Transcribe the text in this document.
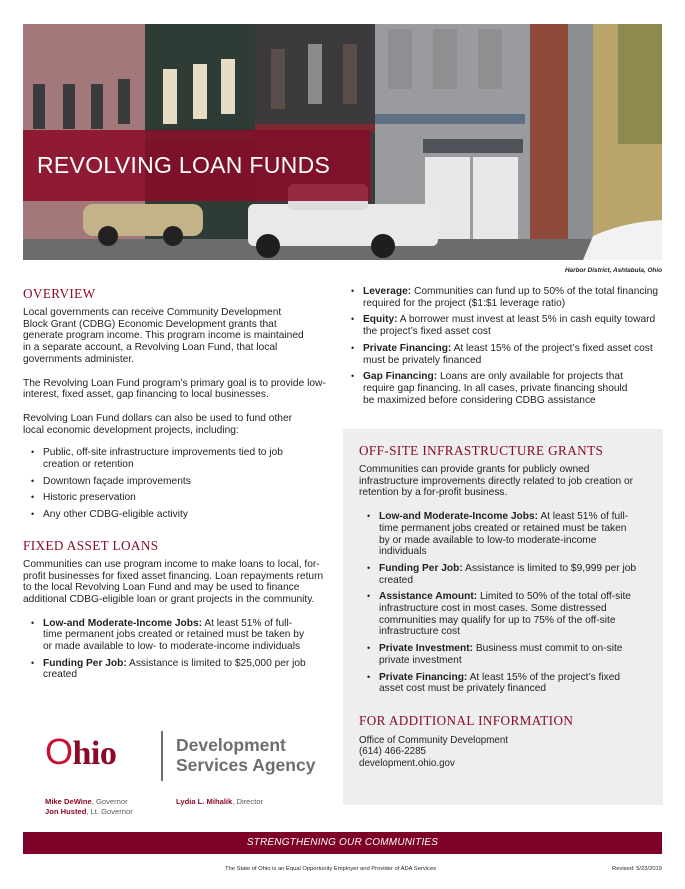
REVOLVING LOAN FUNDS
Harbor District, Ashtabula, Ohio
OVERVIEW

Local governments can receive Community Development Block Grant (CDBG) Economic Development grants that generate program income. This program income is maintained in a separate account, a Revolving Loan Fund, that local governments administer.

The Revolving Loan Fund program’s primary goal is to provide low-interest, fixed asset, gap financing to local businesses.

Revolving Loan Fund dollars can also be used to fund other local economic development projects, including:

• Public, off-site infrastructure improvements tied to job creation or retention
• Downtown façade improvements
• Historic preservation
• Any other CDBG-eligible activity
FIXED ASSET LOANS

Communities can use program income to make loans to local, for-profit businesses for fixed asset financing. Loan repayments return to the local Revolving Loan Fund and may be used to finance additional CDBG-eligible loan or grant projects in the community.

• Low-and Moderate-Income Jobs: At least 51% of full-time permanent jobs created or retained must be taken by or made available to low- to moderate-income individuals
• Funding Per Job: Assistance is limited to $25,000 per job created
• Leverage: Communities can fund up to 50% of the total financing required for the project ($1:$1 leverage ratio)
• Equity: A borrower must invest at least 5% in cash equity toward the project’s fixed asset cost
• Private Financing: At least 15% of the project’s fixed asset cost must be privately financed
• Gap Financing: Loans are only available for projects that require gap financing. In all cases, private financing should be maximized before considering CDBG assistance
OFF-SITE INFRASTRUCTURE GRANTS

Communities can provide grants for publicly owned infrastructure improvements directly related to job creation or retention by a for-profit business.

• Low-and Moderate-Income Jobs: At least 51% of full-time permanent jobs created or retained must be taken by or made available to low-to moderate-income individuals
• Funding Per Job: Assistance is limited to $9,999 per job created
• Assistance Amount: Limited to 50% of the total off-site infrastructure cost in most cases. Some distressed communities may qualify for up to 75% of the off-site infrastructure cost
• Private Investment: Business must commit to on-site private investment
• Private Financing: At least 15% of the project’s fixed asset cost must be privately financed
FOR ADDITIONAL INFORMATION
Office of Community Development
(614) 466-2285
development.ohio.gov
Ohio	Development
Services Agency
Mike DeWine, Governor
Jon Husted, Lt. Governor
Lydia L. Mihalik, Director
STRENGTHENING OUR COMMUNITIES
The State of Ohio is an Equal Opportunity Employer and Provider of ADA Services	Revised: 5/23/2019
